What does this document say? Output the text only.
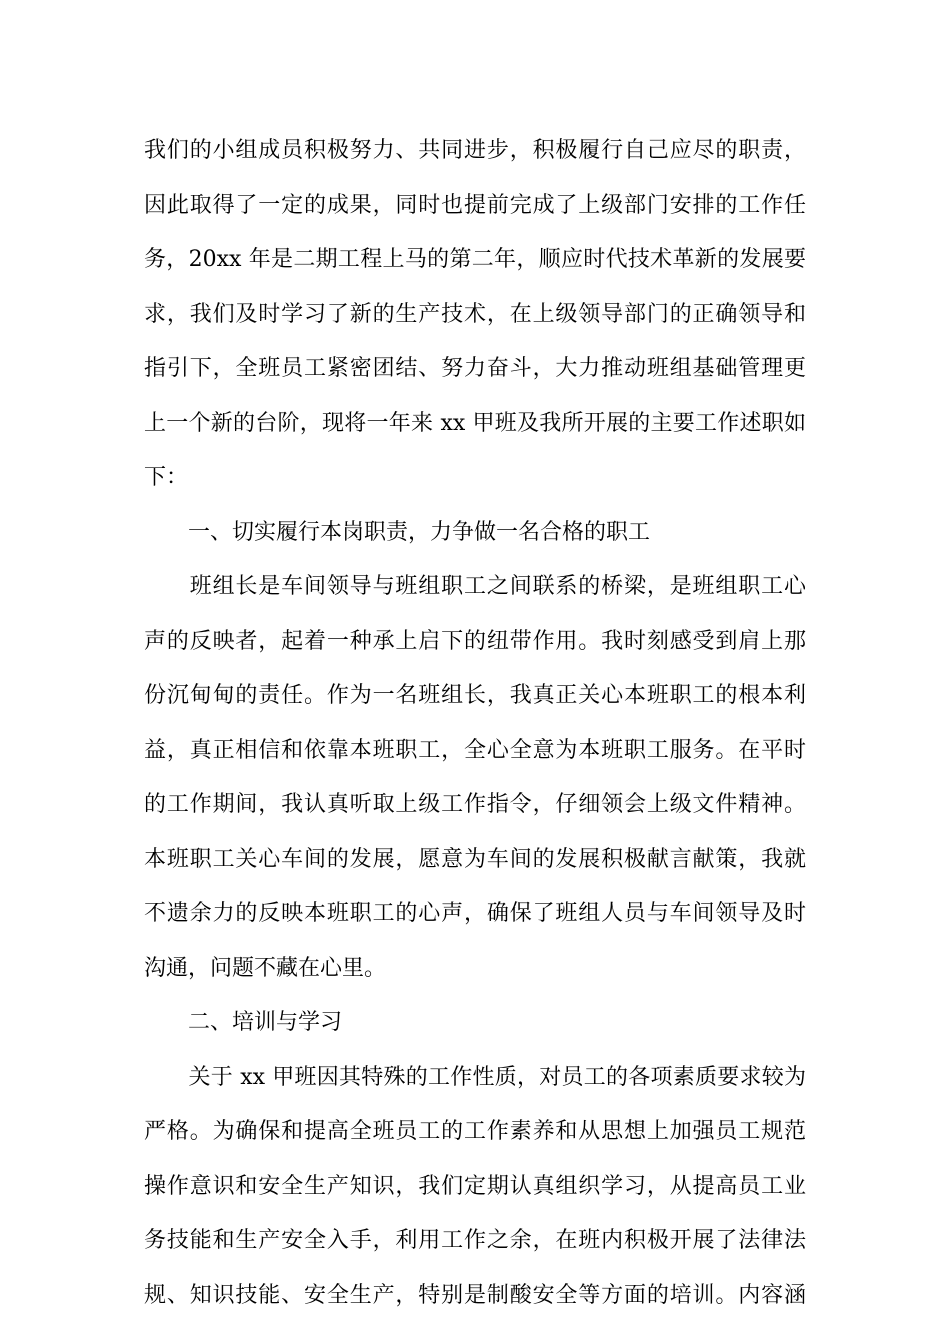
我们的小组成员积极努力、共同进步，积极履行自己应尽的职责，
因此取得了一定的成果，同时也提前完成了上级部门安排的工作任
务，20xx 年是二期工程上马的第二年，顺应时代技术革新的发展要
求，我们及时学习了新的生产技术，在上级领导部门的正确领导和
指引下，全班员工紧密团结、努力奋斗，大力推动班组基础管理更
上一个新的台阶，现将一年来 xx 甲班及我所开展的主要工作述职如
下：
　　一、切实履行本岗职责，力争做一名合格的职工
　　班组长是车间领导与班组职工之间联系的桥梁，是班组职工心
声的反映者，起着一种承上启下的纽带作用。我时刻感受到肩上那
份沉甸甸的责任。作为一名班组长，我真正关心本班职工的根本利
益，真正相信和依靠本班职工，全心全意为本班职工服务。在平时
的工作期间，我认真听取上级工作指令，仔细领会上级文件精神。
本班职工关心车间的发展，愿意为车间的发展积极献言献策，我就
不遗余力的反映本班职工的心声，确保了班组人员与车间领导及时
沟通，问题不藏在心里。
　　二、培训与学习
　　关于 xx 甲班因其特殊的工作性质，对员工的各项素质要求较为
严格。为确保和提高全班员工的工作素养和从思想上加强员工规范
操作意识和安全生产知识，我们定期认真组织学习，从提高员工业
务技能和生产安全入手，利用工作之余，在班内积极开展了法律法
规、知识技能、安全生产，特别是制酸安全等方面的培训。内容涵
